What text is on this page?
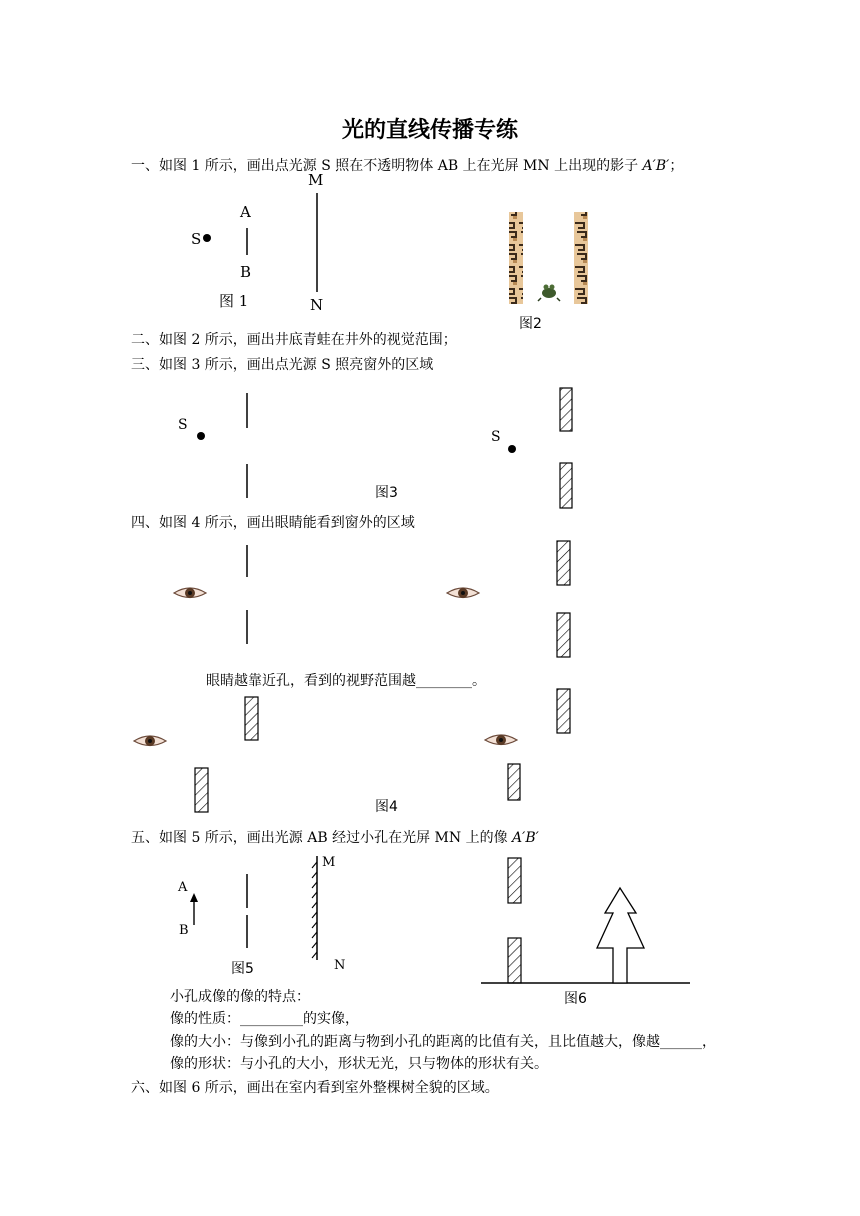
光的直线传播专练
一、如图 1 所示，画出点光源 S 照在不透明物体 AB 上在光屏 MN 上出现的影子 A′B′；
M
A
S
B
图 1	N
图2
二、如图 2 所示，画出井底青蛙在井外的视觉范围；
三、如图 3 所示，画出点光源 S 照亮窗外的区域
S
S
图3
四、如图 4 所示，画出眼睛能看到窗外的区域
眼睛越靠近孔，看到的视野范围越________。
图4
五、如图 5 所示，画出光源 AB 经过小孔在光屏 MN 上的像 A′B′
A
B
M
N
图5
图6
小孔成像的像的特点：
像的性质：_________的实像，
像的大小：与像到小孔的距离与物到小孔的距离的比值有关，且比值越大，像越______，
像的形状：与小孔的大小，形状无光，只与物体的形状有关。
六、如图 6 所示，画出在室内看到室外整棵树全貌的区域。
